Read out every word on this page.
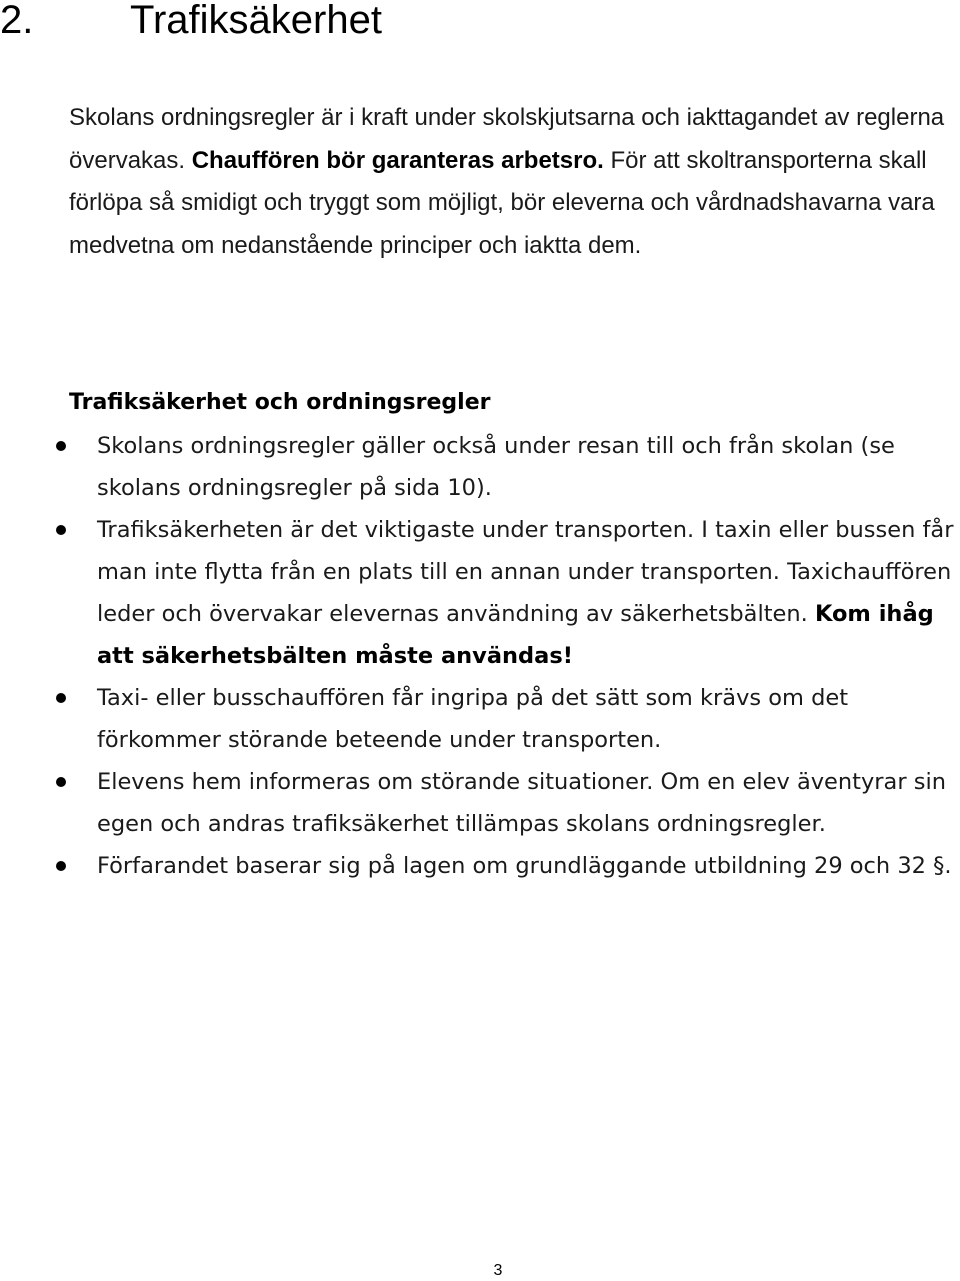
2. Trafiksäkerhet

Skolans ordningsregler är i kraft under skolskjutsarna och iakttagandet av reglerna övervakas. Chauffören bör garanteras arbetsro. För att skoltransporterna skall förlöpa så smidigt och tryggt som möjligt, bör eleverna och vårdnadshavarna vara medvetna om nedanstående principer och iaktta dem.

Trafiksäkerhet och ordningsregler
Skolans ordningsregler gäller också under resan till och från skolan (se skolans ordningsregler på sida 10).
Trafiksäkerheten är det viktigaste under transporten. I taxin eller bussen får man inte flytta från en plats till en annan under transporten. Taxichauffören leder och övervakar elevernas användning av säkerhetsbälten. Kom ihåg att säkerhetsbälten måste användas!
Taxi- eller busschauffören får ingripa på det sätt som krävs om det förkommer störande beteende under transporten.
Elevens hem informeras om störande situationer. Om en elev äventyrar sin egen och andras trafiksäkerhet tillämpas skolans ordningsregler.
Förfarandet baserar sig på lagen om grundläggande utbildning 29 och 32 §.
3
